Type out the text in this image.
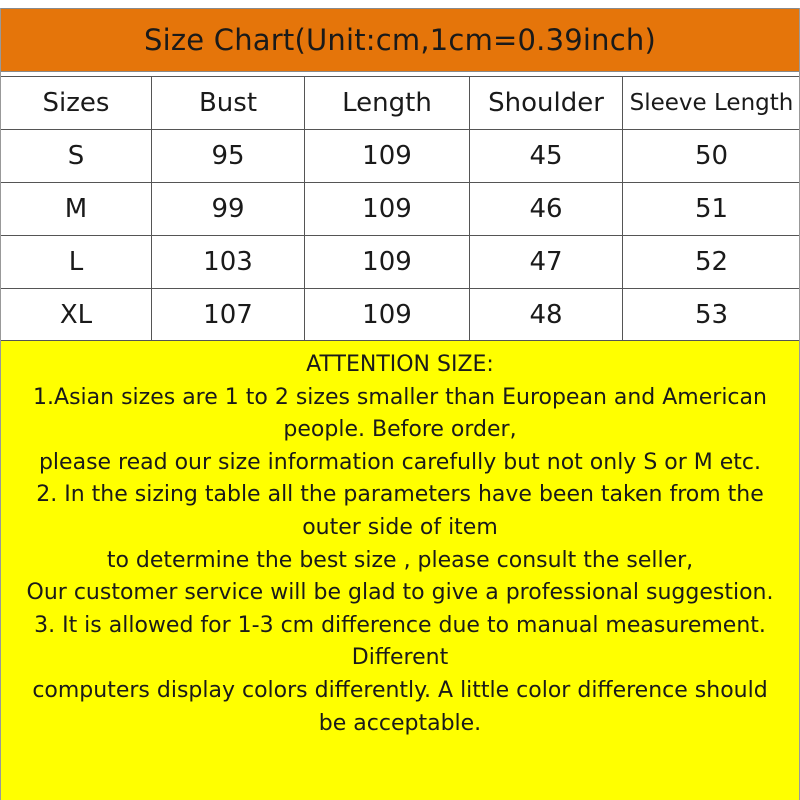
Size Chart(Unit:cm,1cm=0.39inch)
Sizes	Bust	Length	Shoulder	Sleeve Length
S	95	109	45	50
M	99	109	46	51
L	103	109	47	52
XL	107	109	48	53
ATTENTION SIZE:
1.Asian sizes are 1 to 2 sizes smaller than European and American
people. Before order,
please read our size information carefully but not only S or M etc.
2. In the sizing table all the parameters have been taken from the
outer side of item
to determine the best size , please consult the seller,
Our customer service will be glad to give a professional suggestion.
3. It is allowed for 1-3 cm difference due to manual measurement.
Different
computers display colors differently. A little color difference should
be acceptable.
